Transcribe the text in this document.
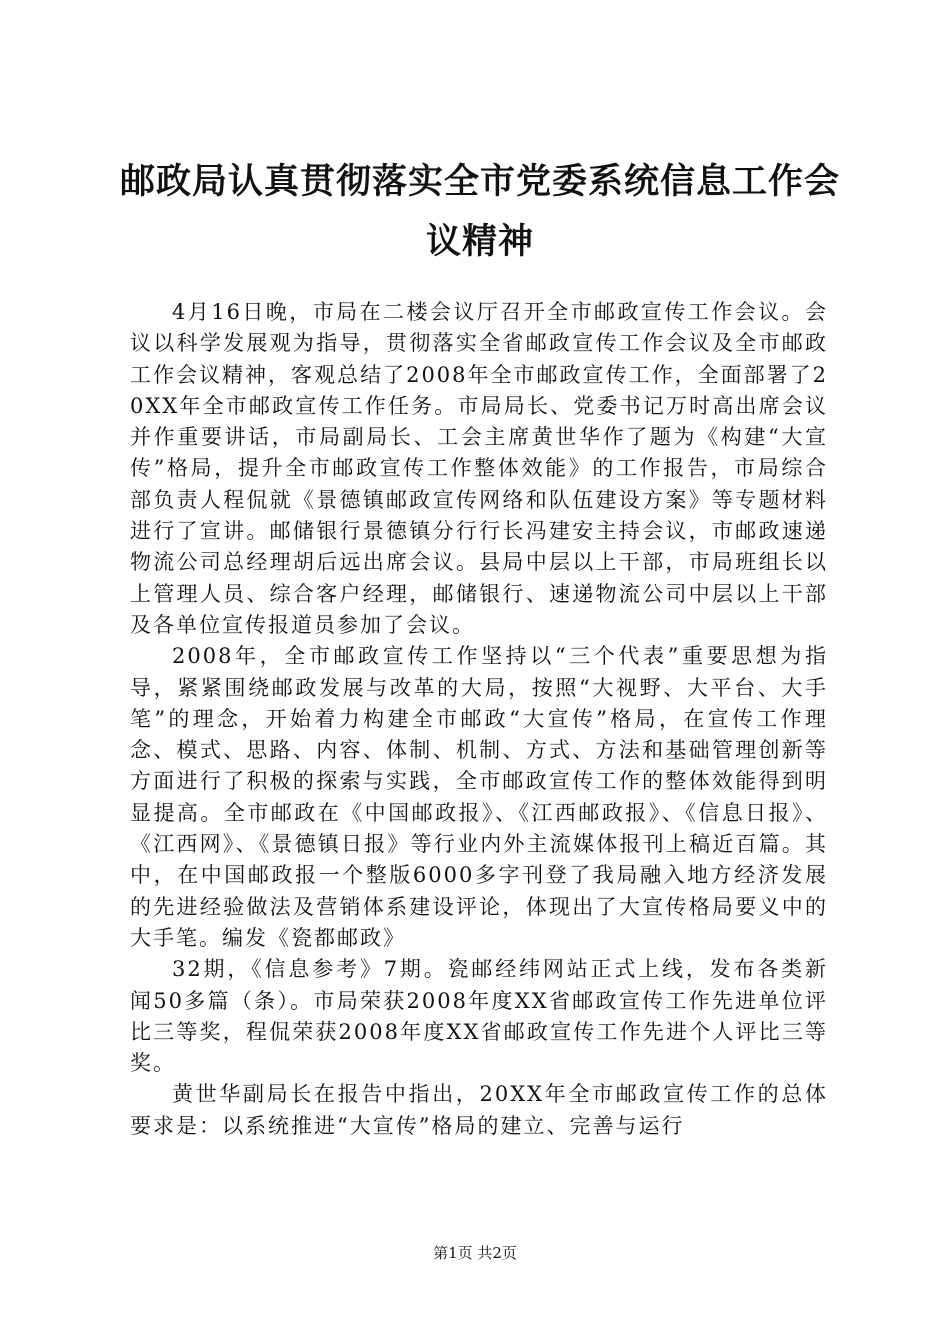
邮政局认真贯彻落实全市党委系统信息工作会
议精神

4月16日晚，市局在二楼会议厅召开全市邮政宣传工作会议。会议以科学发展观为指导，贯彻落实全省邮政宣传工作会议及全市邮政工作会议精神，客观总结了2008年全市邮政宣传工作，全面部署了20XX年全市邮政宣传工作任务。市局局长、党委书记万时高出席会议并作重要讲话，市局副局长、工会主席黄世华作了题为《构建“大宣传”格局，提升全市邮政宣传工作整体效能》的工作报告，市局综合部负责人程侃就《景德镇邮政宣传网络和队伍建设方案》等专题材料进行了宣讲。邮储银行景德镇分行行长冯建安主持会议，市邮政速递物流公司总经理胡后远出席会议。县局中层以上干部，市局班组长以上管理人员、综合客户经理，邮储银行、速递物流公司中层以上干部及各单位宣传报道员参加了会议。

2008年，全市邮政宣传工作坚持以“三个代表”重要思想为指导，紧紧围绕邮政发展与改革的大局，按照“大视野、大平台、大手笔”的理念，开始着力构建全市邮政“大宣传”格局，在宣传工作理念、模式、思路、内容、体制、机制、方式、方法和基础管理创新等方面进行了积极的探索与实践，全市邮政宣传工作的整体效能得到明显提高。全市邮政在《中国邮政报》、《江西邮政报》、《信息日报》、《江西网》、《景德镇日报》等行业内外主流媒体报刊上稿近百篇。其中，在中国邮政报一个整版6000多字刊登了我局融入地方经济发展的先进经验做法及营销体系建设评论，体现出了大宣传格局要义中的大手笔。编发《瓷都邮政》

32期，《信息参考》7期。瓷邮经纬网站正式上线，发布各类新闻50多篇（条）。市局荣获2008年度XX省邮政宣传工作先进单位评比三等奖，程侃荣获2008年度XX省邮政宣传工作先进个人评比三等奖。

黄世华副局长在报告中指出，20XX年全市邮政宣传工作的总体要求是：以系统推进“大宣传”格局的建立、完善与运行

第1页 共2页
